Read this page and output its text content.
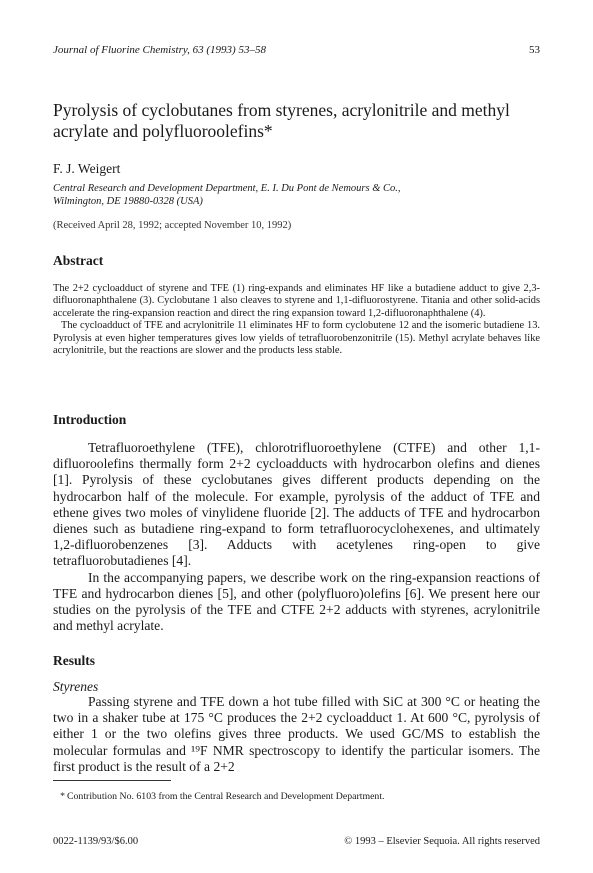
Journal of Fluorine Chemistry, 63 (1993) 53–58	53
Pyrolysis of cyclobutanes from styrenes, acrylonitrile and methyl acrylate and polyfluoroolefins*
F. J. Weigert
Central Research and Development Department, E. I. Du Pont de Nemours & Co.,
Wilmington, DE 19880-0328 (USA)
(Received April 28, 1992; accepted November 10, 1992)
Abstract

The 2+2 cycloadduct of styrene and TFE (1) ring-expands and eliminates HF like a butadiene adduct to give 2,3-difluoronaphthalene (3). Cyclobutane 1 also cleaves to styrene and 1,1-difluorostyrene. Titania and other solid-acids accelerate the ring-expansion reaction and direct the ring expansion toward 1,2-difluoronaphthalene (4).

The cycloadduct of TFE and acrylonitrile 11 eliminates HF to form cyclobutene 12 and the isomeric butadiene 13. Pyrolysis at even higher temperatures gives low yields of tetrafluorobenzonitrile (15). Methyl acrylate behaves like acrylonitrile, but the reactions are slower and the products less stable.

Introduction

Tetrafluoroethylene (TFE), chlorotrifluoroethylene (CTFE) and other 1,1-difluoroolefins thermally form 2+2 cycloadducts with hydrocarbon olefins and dienes [1]. Pyrolysis of these cyclobutanes gives different products depending on the hydrocarbon half of the molecule. For example, pyrolysis of the adduct of TFE and ethene gives two moles of vinylidene fluoride [2]. The adducts of TFE and hydrocarbon dienes such as butadiene ring-expand to form tetrafluorocyclohexenes, and ultimately 1,2-difluorobenzenes [3]. Adducts with acetylenes ring-open to give tetrafluorobutadienes [4].

In the accompanying papers, we describe work on the ring-expansion reactions of TFE and hydrocarbon dienes [5], and other (polyfluoro)olefins [6]. We present here our studies on the pyrolysis of the TFE and CTFE 2+2 adducts with styrenes, acrylonitrile and methyl acrylate.

Results
Styrenes

Passing styrene and TFE down a hot tube filled with SiC at 300 °C or heating the two in a shaker tube at 175 °C produces the 2+2 cycloadduct 1. At 600 °C, pyrolysis of either 1 or the two olefins gives three products. We used GC/MS to establish the molecular formulas and ¹⁹F NMR spectroscopy to identify the particular isomers. The first product is the result of a 2+2

* Contribution No. 6103 from the Central Research and Development Department.
0022-1139/93/$6.00	© 1993 – Elsevier Sequoia. All rights reserved
